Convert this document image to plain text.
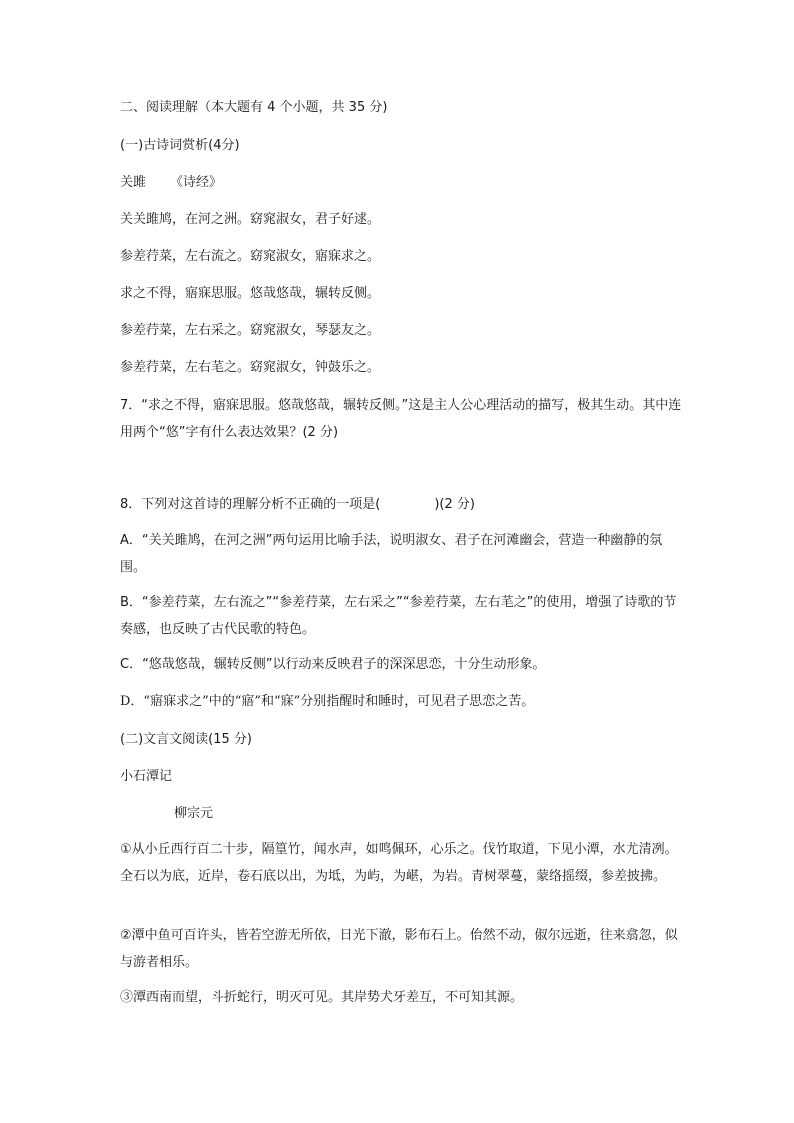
二、阅读理解（本大题有 4 个小题，共 35 分)
(一)古诗词赏析(4分)
关雎 《诗经》
关关雎鸠，在河之洲。窈窕淑女，君子好逑。
参差荇菜，左右流之。窈窕淑女，寤寐求之。
求之不得，寤寐思服。悠哉悠哉，辗转反侧。
参差荇菜，左右采之。窈窕淑女，琴瑟友之。
参差荇菜，左右芼之。窈窕淑女，钟鼓乐之。
7．“求之不得，寤寐思服。悠哉悠哉，辗转反侧。”这是主人公心理活动的描写，极其生动。其中连用两个“悠”字有什么表达效果？(2 分)
8．下列对这首诗的理解分析不正确的一项是(	)(2 分)
A．“关关雎鸠，在河之洲”两句运用比喻手法，说明淑女、君子在河滩幽会，营造一种幽静的氛围。
B．“参差荇菜，左右流之”“参差荇菜，左右采之”“参差荇菜，左右芼之”的使用，增强了诗歌的节奏感，也反映了古代民歌的特色。
C．“悠哉悠哉，辗转反侧”以行动来反映君子的深深思恋，十分生动形象。
D．“寤寐求之”中的“寤”和“寐”分别指醒时和睡时，可见君子思恋之苦。
(二)文言文阅读(15 分)
小石潭记
柳宗元
①从小丘西行百二十步，隔篁竹，闻水声，如鸣佩环，心乐之。伐竹取道，下见小潭，水尤清冽。全石以为底，近岸，卷石底以出，为坻，为屿，为嵁，为岩。青树翠蔓，蒙络摇缀，参差披拂。
②潭中鱼可百许头，皆若空游无所依，日光下澈，影布石上。佁然不动，俶尔远逝，往来翕忽，似与游者相乐。
③潭西南而望，斗折蛇行，明灭可见。其岸势犬牙差互，不可知其源。
